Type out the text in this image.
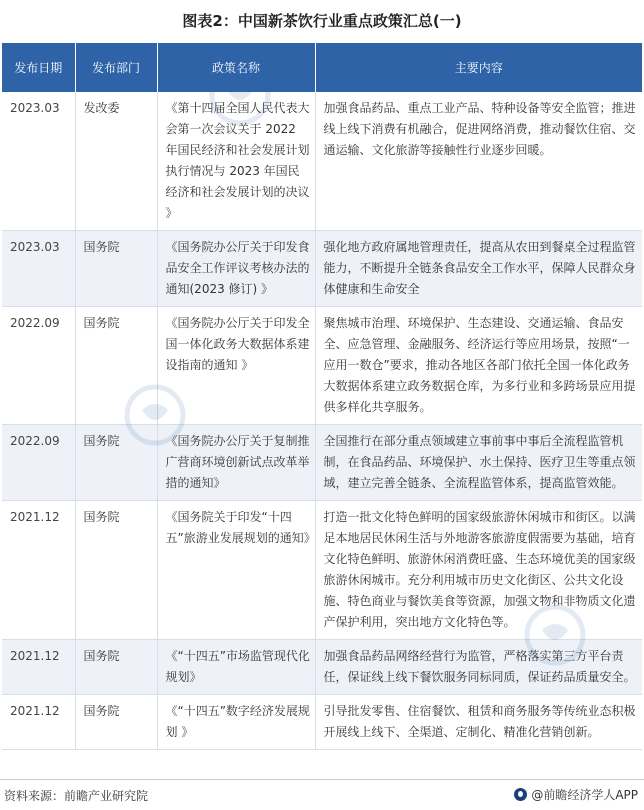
图表2：中国新茶饮行业重点政策汇总(一)
发布日期	发布部门	政策名称	主要内容
2023.03	发改委	《第十四届全国人民代表大会第一次会议关于 2022 年国民经济和社会发展计划执行情况与 2023 年国民经济和社会发展计划的决议 》	加强食品药品、重点工业产品、特种设备等安全监管；推进线上线下消费有机融合，促进网络消费，推动餐饮住宿、交通运输、文化旅游等接触性行业逐步回暖。
2023.03	国务院	《国务院办公厅关于印发食品安全工作评议考核办法的通知(2023 修订) 》	强化地方政府属地管理责任，提高从农田到餐桌全过程监管能力，不断提升全链条食品安全工作水平，保障人民群众身体健康和生命安全
2022.09	国务院	《国务院办公厅关于印发全国一体化政务大数据体系建设指南的通知 》	聚焦城市治理、环境保护、生态建设、交通运输、食品安全、应急管理、金融服务、经济运行等应用场景，按照“一应用一数仓”要求，推动各地区各部门依托全国一体化政务大数据体系建立政务数据仓库，为多行业和多跨场景应用提供多样化共享服务。
2022.09	国务院	《国务院办公厅关于复制推广营商环境创新试点改革举措的通知》	全国推行在部分重点领域建立事前事中事后全流程监管机制，在食品药品、环境保护、水土保持、医疗卫生等重点领域，建立完善全链条、全流程监管体系，提高监管效能。
2021.12	国务院	《国务院关于印发“十四五”旅游业发展规划的通知》	打造一批文化特色鲜明的国家级旅游休闲城市和街区。以满足本地居民休闲生活与外地游客旅游度假需要为基础，培育文化特色鲜明、旅游休闲消费旺盛、生态环境优美的国家级旅游休闲城市。充分利用城市历史文化街区、公共文化设施、特色商业与餐饮美食等资源，加强文物和非物质文化遗产保护利用，突出地方文化特色等。
2021.12	国务院	《“十四五”市场监管现代化规划》	加强食品药品网络经营行为监管，严格落实第三方平台责任，保证线上线下餐饮服务同标同质，保证药品质量安全。
2021.12	国务院	《“十四五”数字经济发展规划 》	引导批发零售、住宿餐饮、租赁和商务服务等传统业态积极开展线上线下、全渠道、定制化、精准化营销创新。
资料来源：前瞻产业研究院	@前瞻经济学人APP
